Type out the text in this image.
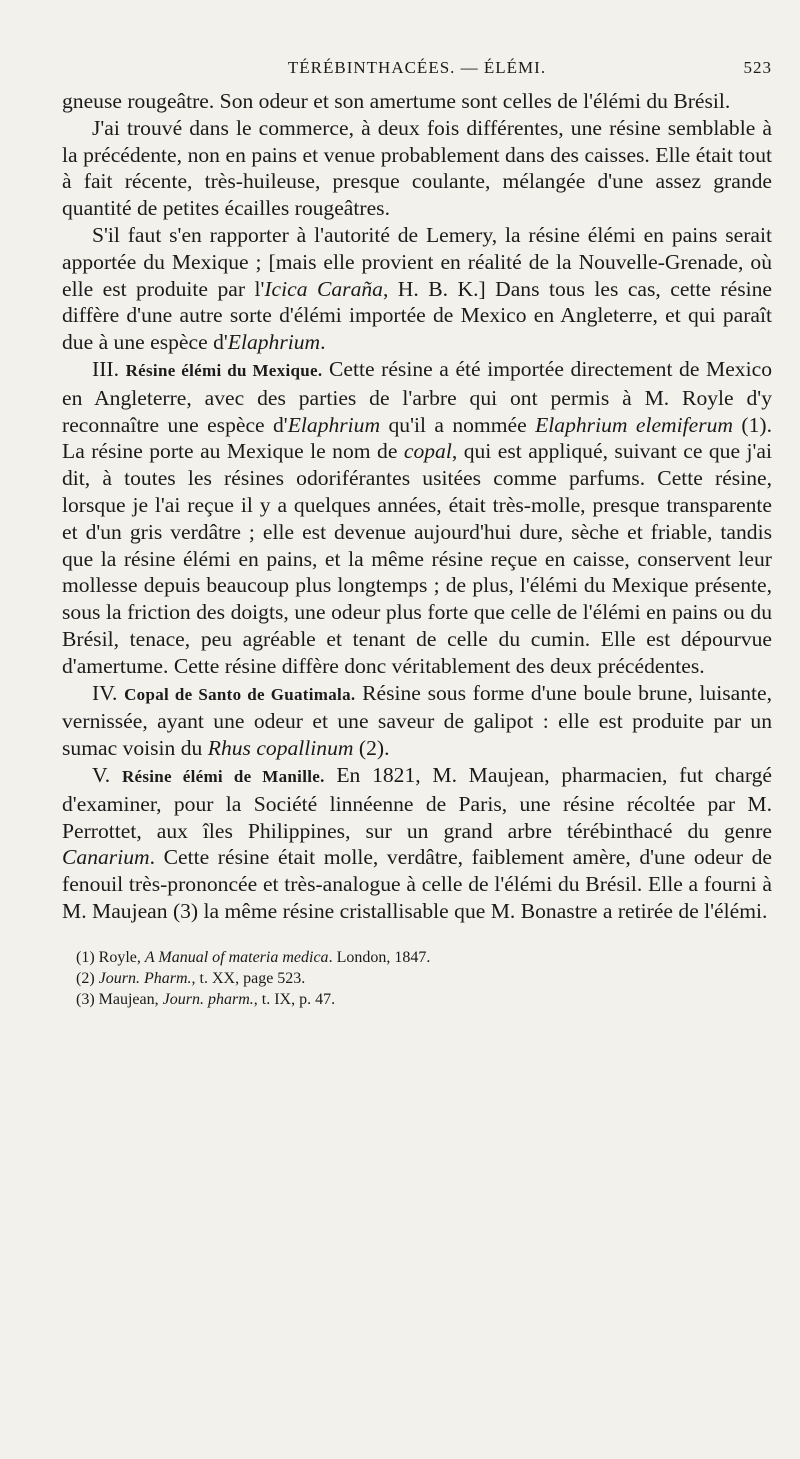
TÉRÉBINTHACÉES. — ÉLÉMI.	523

gneuse rougeâtre. Son odeur et son amertume sont celles de l'élémi du Brésil.

J'ai trouvé dans le commerce, à deux fois différentes, une résine semblable à la précédente, non en pains et venue probablement dans des caisses. Elle était tout à fait récente, très-huileuse, presque coulante, mélangée d'une assez grande quantité de petites écailles rougeâtres.

S'il faut s'en rapporter à l'autorité de Lemery, la résine élémi en pains serait apportée du Mexique ; [mais elle provient en réalité de la Nouvelle-Grenade, où elle est produite par l'Icica Caraña, H. B. K.] Dans tous les cas, cette résine diffère d'une autre sorte d'élémi importée de Mexico en Angleterre, et qui paraît due à une espèce d'Elaphrium.

III. Résine élémi du Mexique. Cette résine a été importée directement de Mexico en Angleterre, avec des parties de l'arbre qui ont permis à M. Royle d'y reconnaître une espèce d'Elaphrium qu'il a nommée Elaphrium elemiferum (1). La résine porte au Mexique le nom de copal, qui est appliqué, suivant ce que j'ai dit, à toutes les résines odoriférantes usitées comme parfums. Cette résine, lorsque je l'ai reçue il y a quelques années, était très-molle, presque transparente et d'un gris verdâtre ; elle est devenue aujourd'hui dure, sèche et friable, tandis que la résine élémi en pains, et la même résine reçue en caisse, conservent leur mollesse depuis beaucoup plus longtemps ; de plus, l'élémi du Mexique présente, sous la friction des doigts, une odeur plus forte que celle de l'élémi en pains ou du Brésil, tenace, peu agréable et tenant de celle du cumin. Elle est dépourvue d'amertume. Cette résine diffère donc véritablement des deux précédentes.

IV. Copal de Santo de Guatimala. Résine sous forme d'une boule brune, luisante, vernissée, ayant une odeur et une saveur de galipot : elle est produite par un sumac voisin du Rhus copallinum (2).

V. Résine élémi de Manille. En 1821, M. Maujean, pharmacien, fut chargé d'examiner, pour la Société linnéenne de Paris, une résine récoltée par M. Perrottet, aux îles Philippines, sur un grand arbre térébinthacé du genre Canarium. Cette résine était molle, verdâtre, faiblement amère, d'une odeur de fenouil très-prononcée et très-analogue à celle de l'élémi du Brésil. Elle a fourni à M. Maujean (3) la même résine cristallisable que M. Bonastre a retirée de l'élémi.

(1) Royle, A Manual of materia medica. London, 1847.
(2) Journ. Pharm., t. XX, page 523.
(3) Maujean, Journ. pharm., t. IX, p. 47.
